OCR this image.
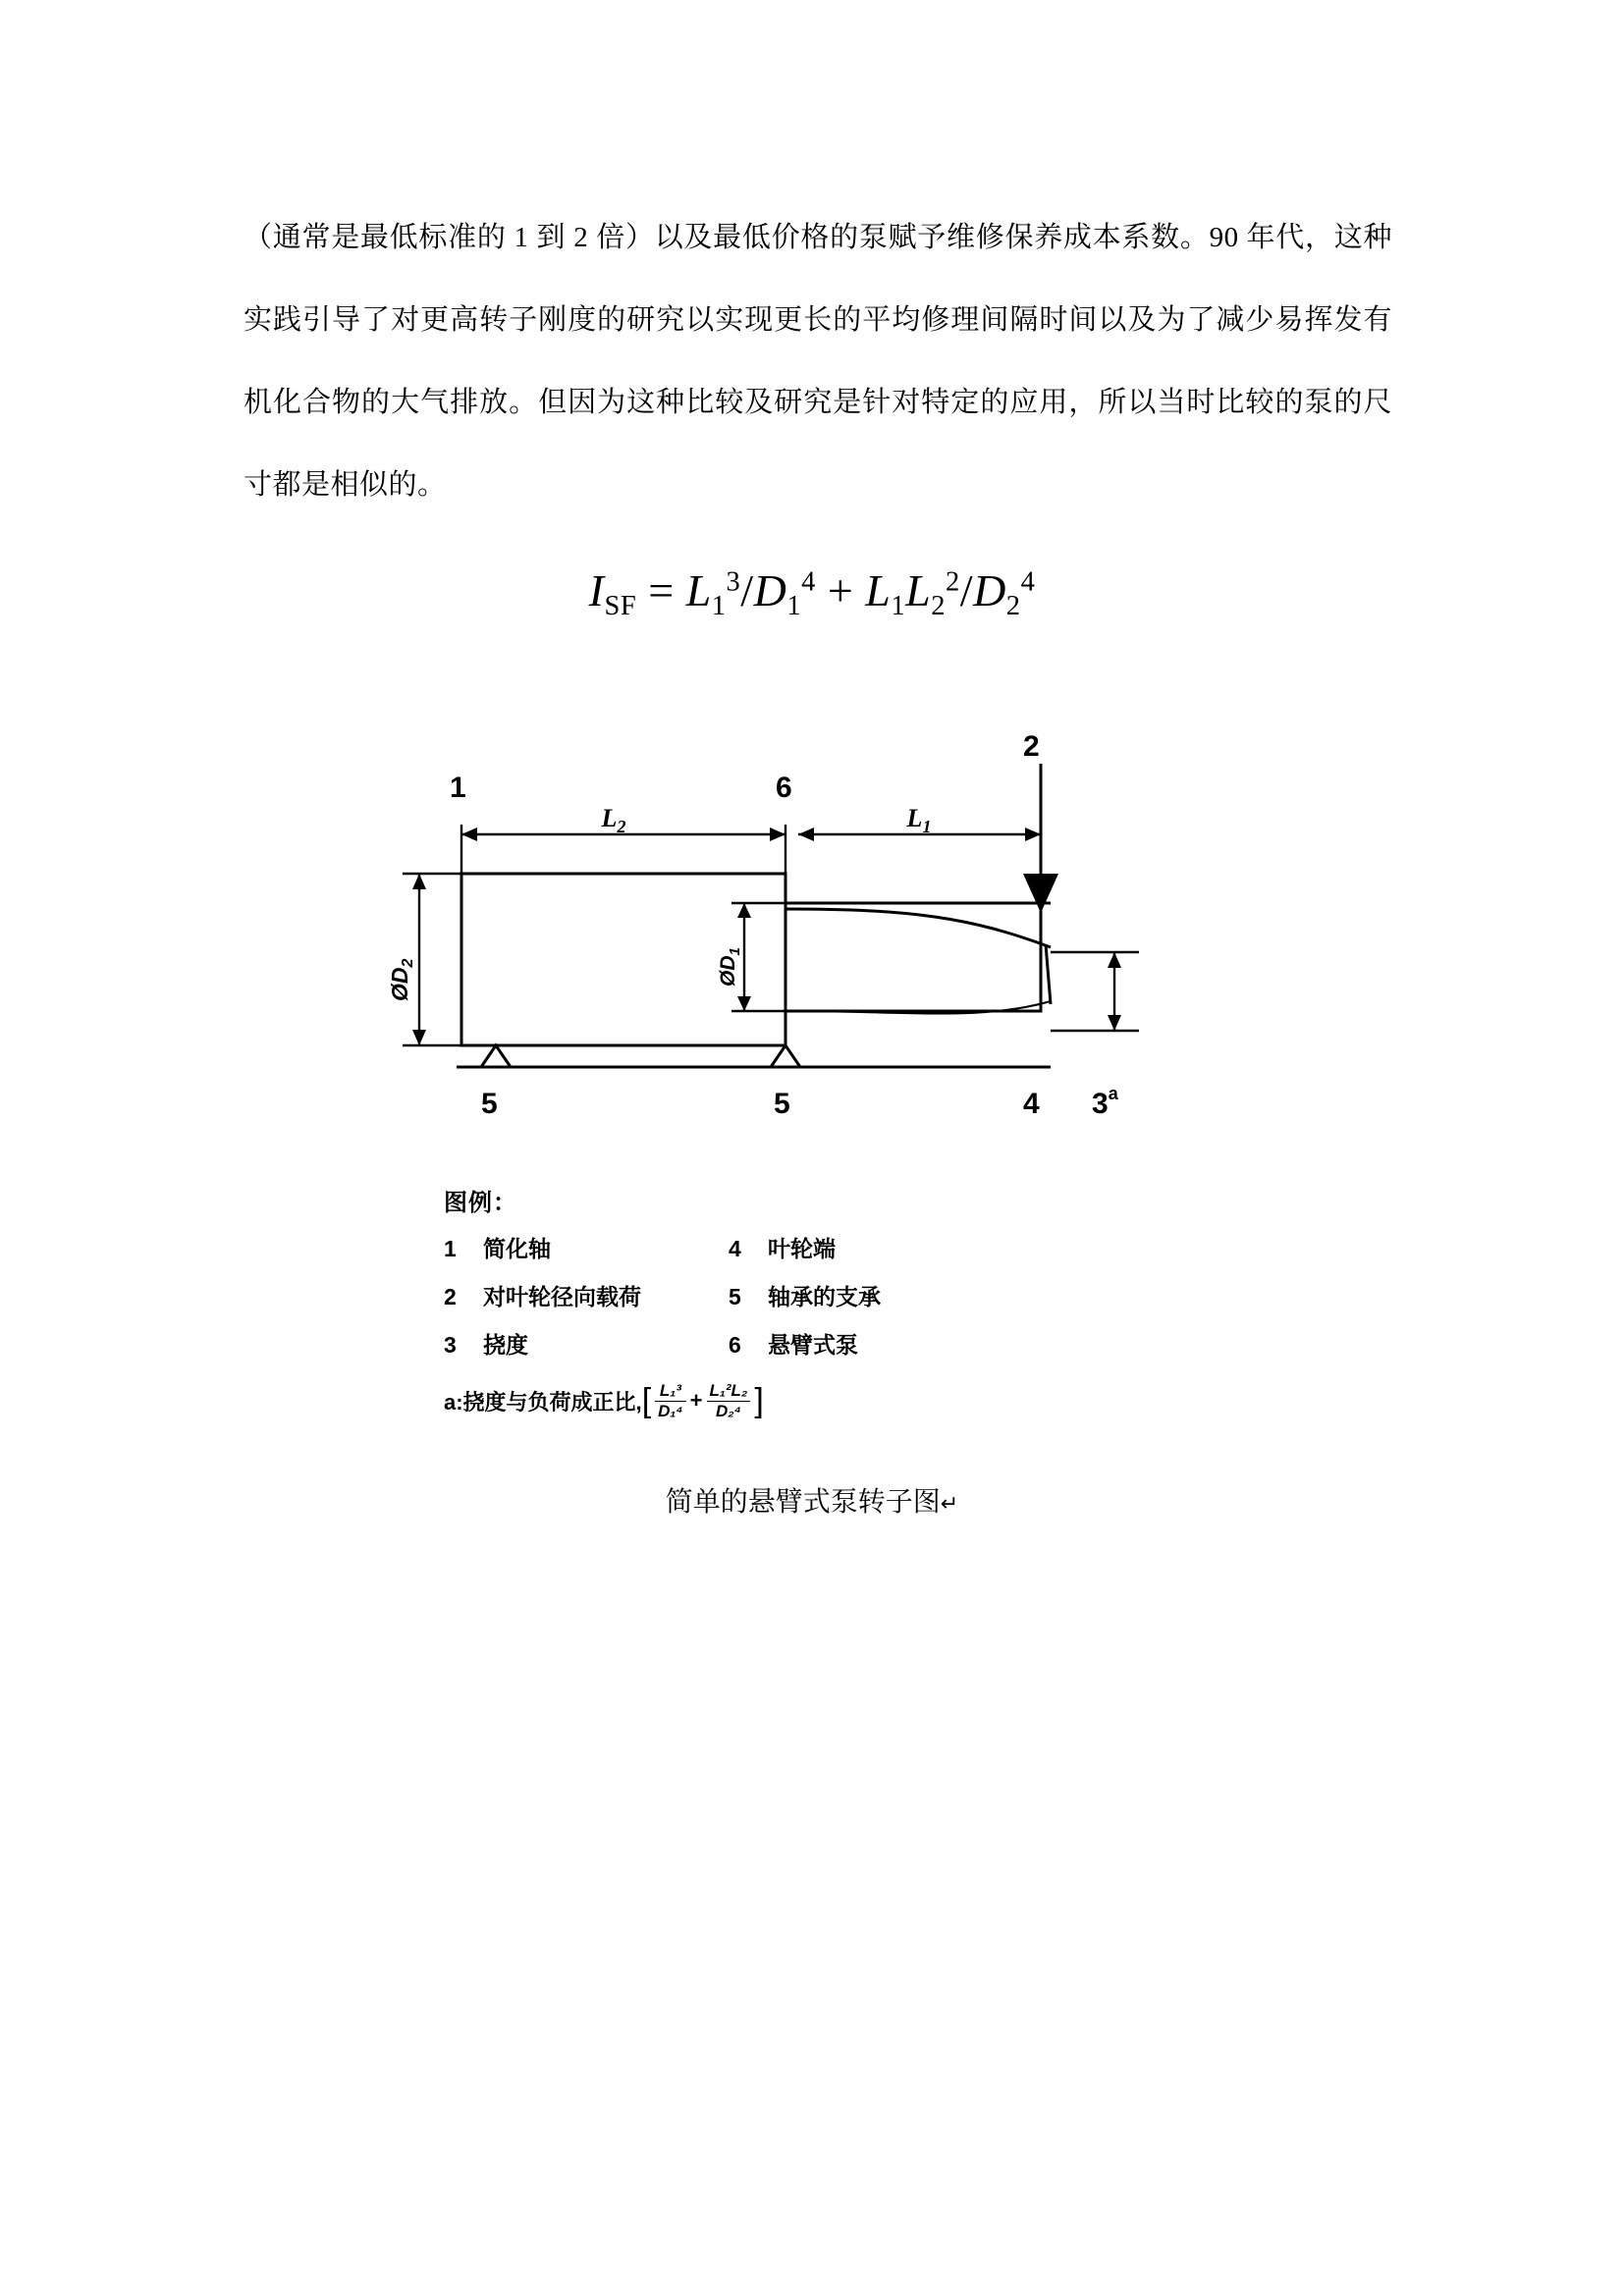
（通常是最低标准的 1 到 2 倍）以及最低价格的泵赋予维修保养成本系数。90 年代，这种实践引导了对更高转子刚度的研究以实现更长的平均修理间隔时间以及为了减少易挥发有机化合物的大气排放。但因为这种比较及研究是针对特定的应用，所以当时比较的泵的尺寸都是相似的。

$I_{SF} = L_1^3/D_1^4 + L_1L_2^2/D_2^4$
$L_2$	$L_1$
$ØD_2$	$ØD_1$
1
2
6
5	5	4 3$^a$
图例：
1	简化轴	4	叶轮端
2	对叶轮径向载荷	5	轴承的支承
3	挠度	6	悬臂式泵
a:挠度与负荷成正比, [ $\frac{\text{L₁³}}{\text{D₁⁴}} + \frac{\text{L₁²L₂}}{\text{D₂⁴}}$ ]
简单的悬臂式泵转子图↵
